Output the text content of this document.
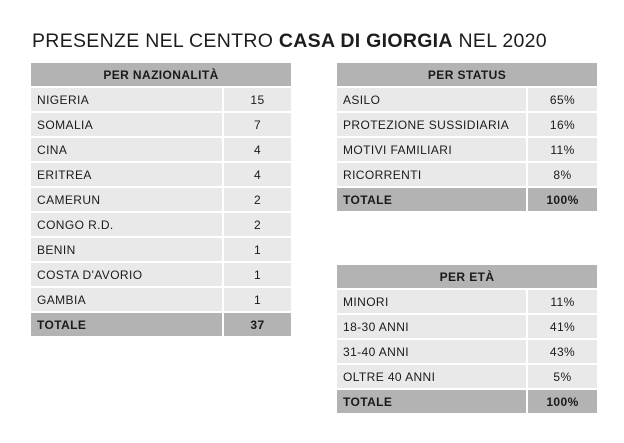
PRESENZE NEL CENTRO CASA DI GIORGIA NEL 2020
PER NAZIONALITÀ	
NIGERIA	15
SOMALIA	7
CINA	4
ERITREA	4
CAMERUN	2
CONGO R.D.	2
BENIN	1
COSTA D'AVORIO	1
GAMBIA	1
TOTALE	37
PER STATUS	
ASILO	65%
PROTEZIONE SUSSIDIARIA	16%
MOTIVI FAMILIARI	11%
RICORRENTI	8%
TOTALE	100%
PER ETÀ	
MINORI	11%
18-30 ANNI	41%
31-40 ANNI	43%
OLTRE 40 ANNI	5%
TOTALE	100%
